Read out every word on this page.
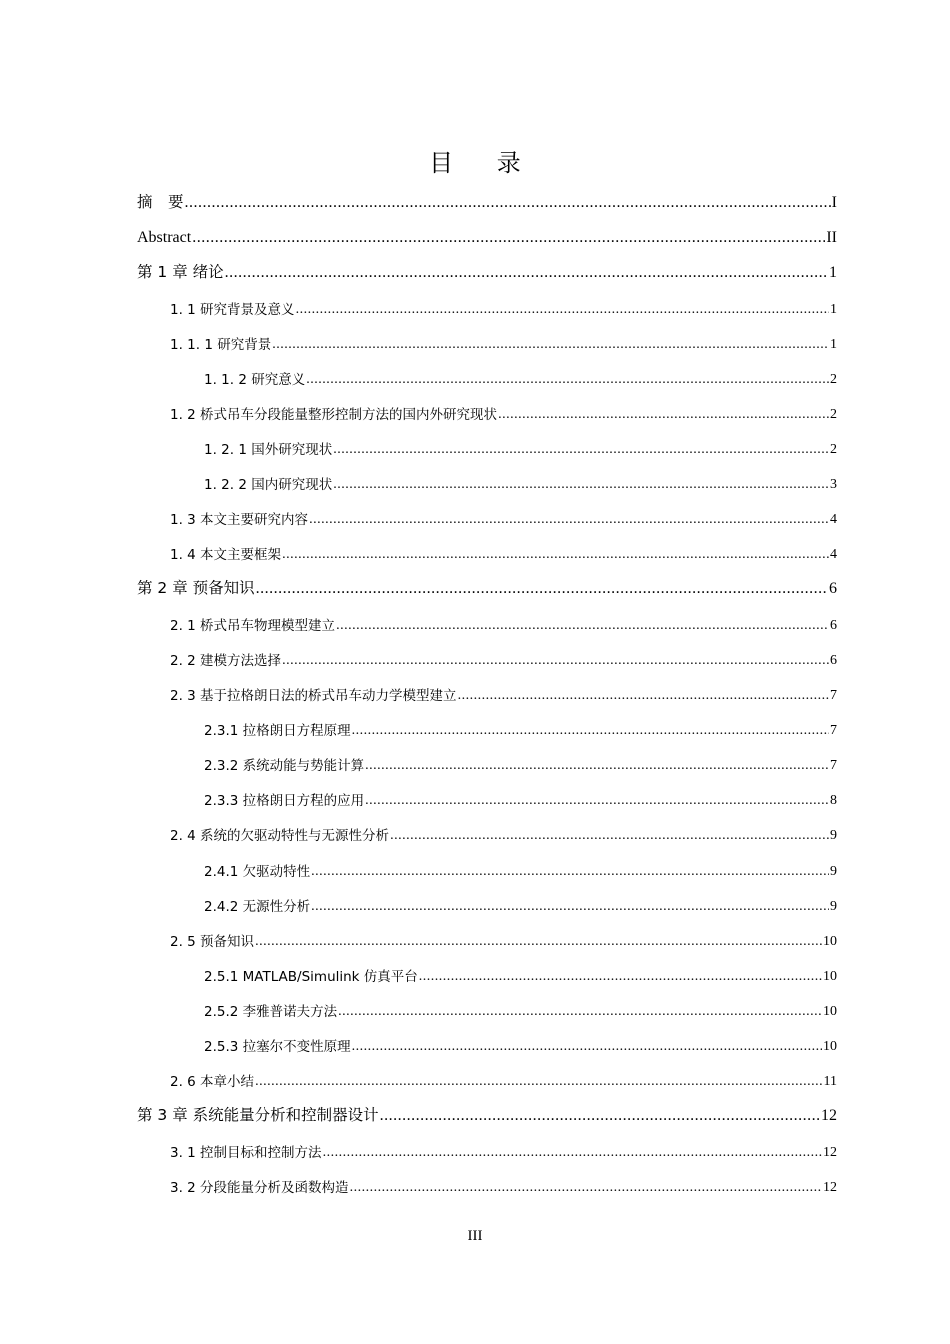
目 录
摘　要 .....	I
Abstract .....	II
第 1 章 绪论 .....	1
1. 1 研究背景及意义 .....	1
1. 1. 1 研究背景 .....	1
1. 1. 2 研究意义 .....	2
1. 2 桥式吊车分段能量整形控制方法的国内外研究现状 .....	2
1. 2. 1 国外研究现状 .....	2
1. 2. 2 国内研究现状 .....	3
1. 3 本文主要研究内容 .....	4
1. 4 本文主要框架 .....	4
第 2 章 预备知识 .....	6
2. 1 桥式吊车物理模型建立 .....	6
2. 2 建模方法选择 .....	6
2. 3 基于拉格朗日法的桥式吊车动力学模型建立 .....	7
2.3.1 拉格朗日方程原理 .....	7
2.3.2 系统动能与势能计算 .....	7
2.3.3 拉格朗日方程的应用 .....	8
2. 4 系统的欠驱动特性与无源性分析 .....	9
2.4.1 欠驱动特性 .....	9
2.4.2 无源性分析 .....	9
2. 5 预备知识 .....	10
2.5.1 MATLAB/Simulink 仿真平台 .....	10
2.5.2 李雅普诺夫方法 .....	10
2.5.3 拉塞尔不变性原理 .....	10
2. 6 本章小结 .....	11
第 3 章 系统能量分析和控制器设计 .....	12
3. 1 控制目标和控制方法 .....	12
3. 2 分段能量分析及函数构造 .....	12
III
